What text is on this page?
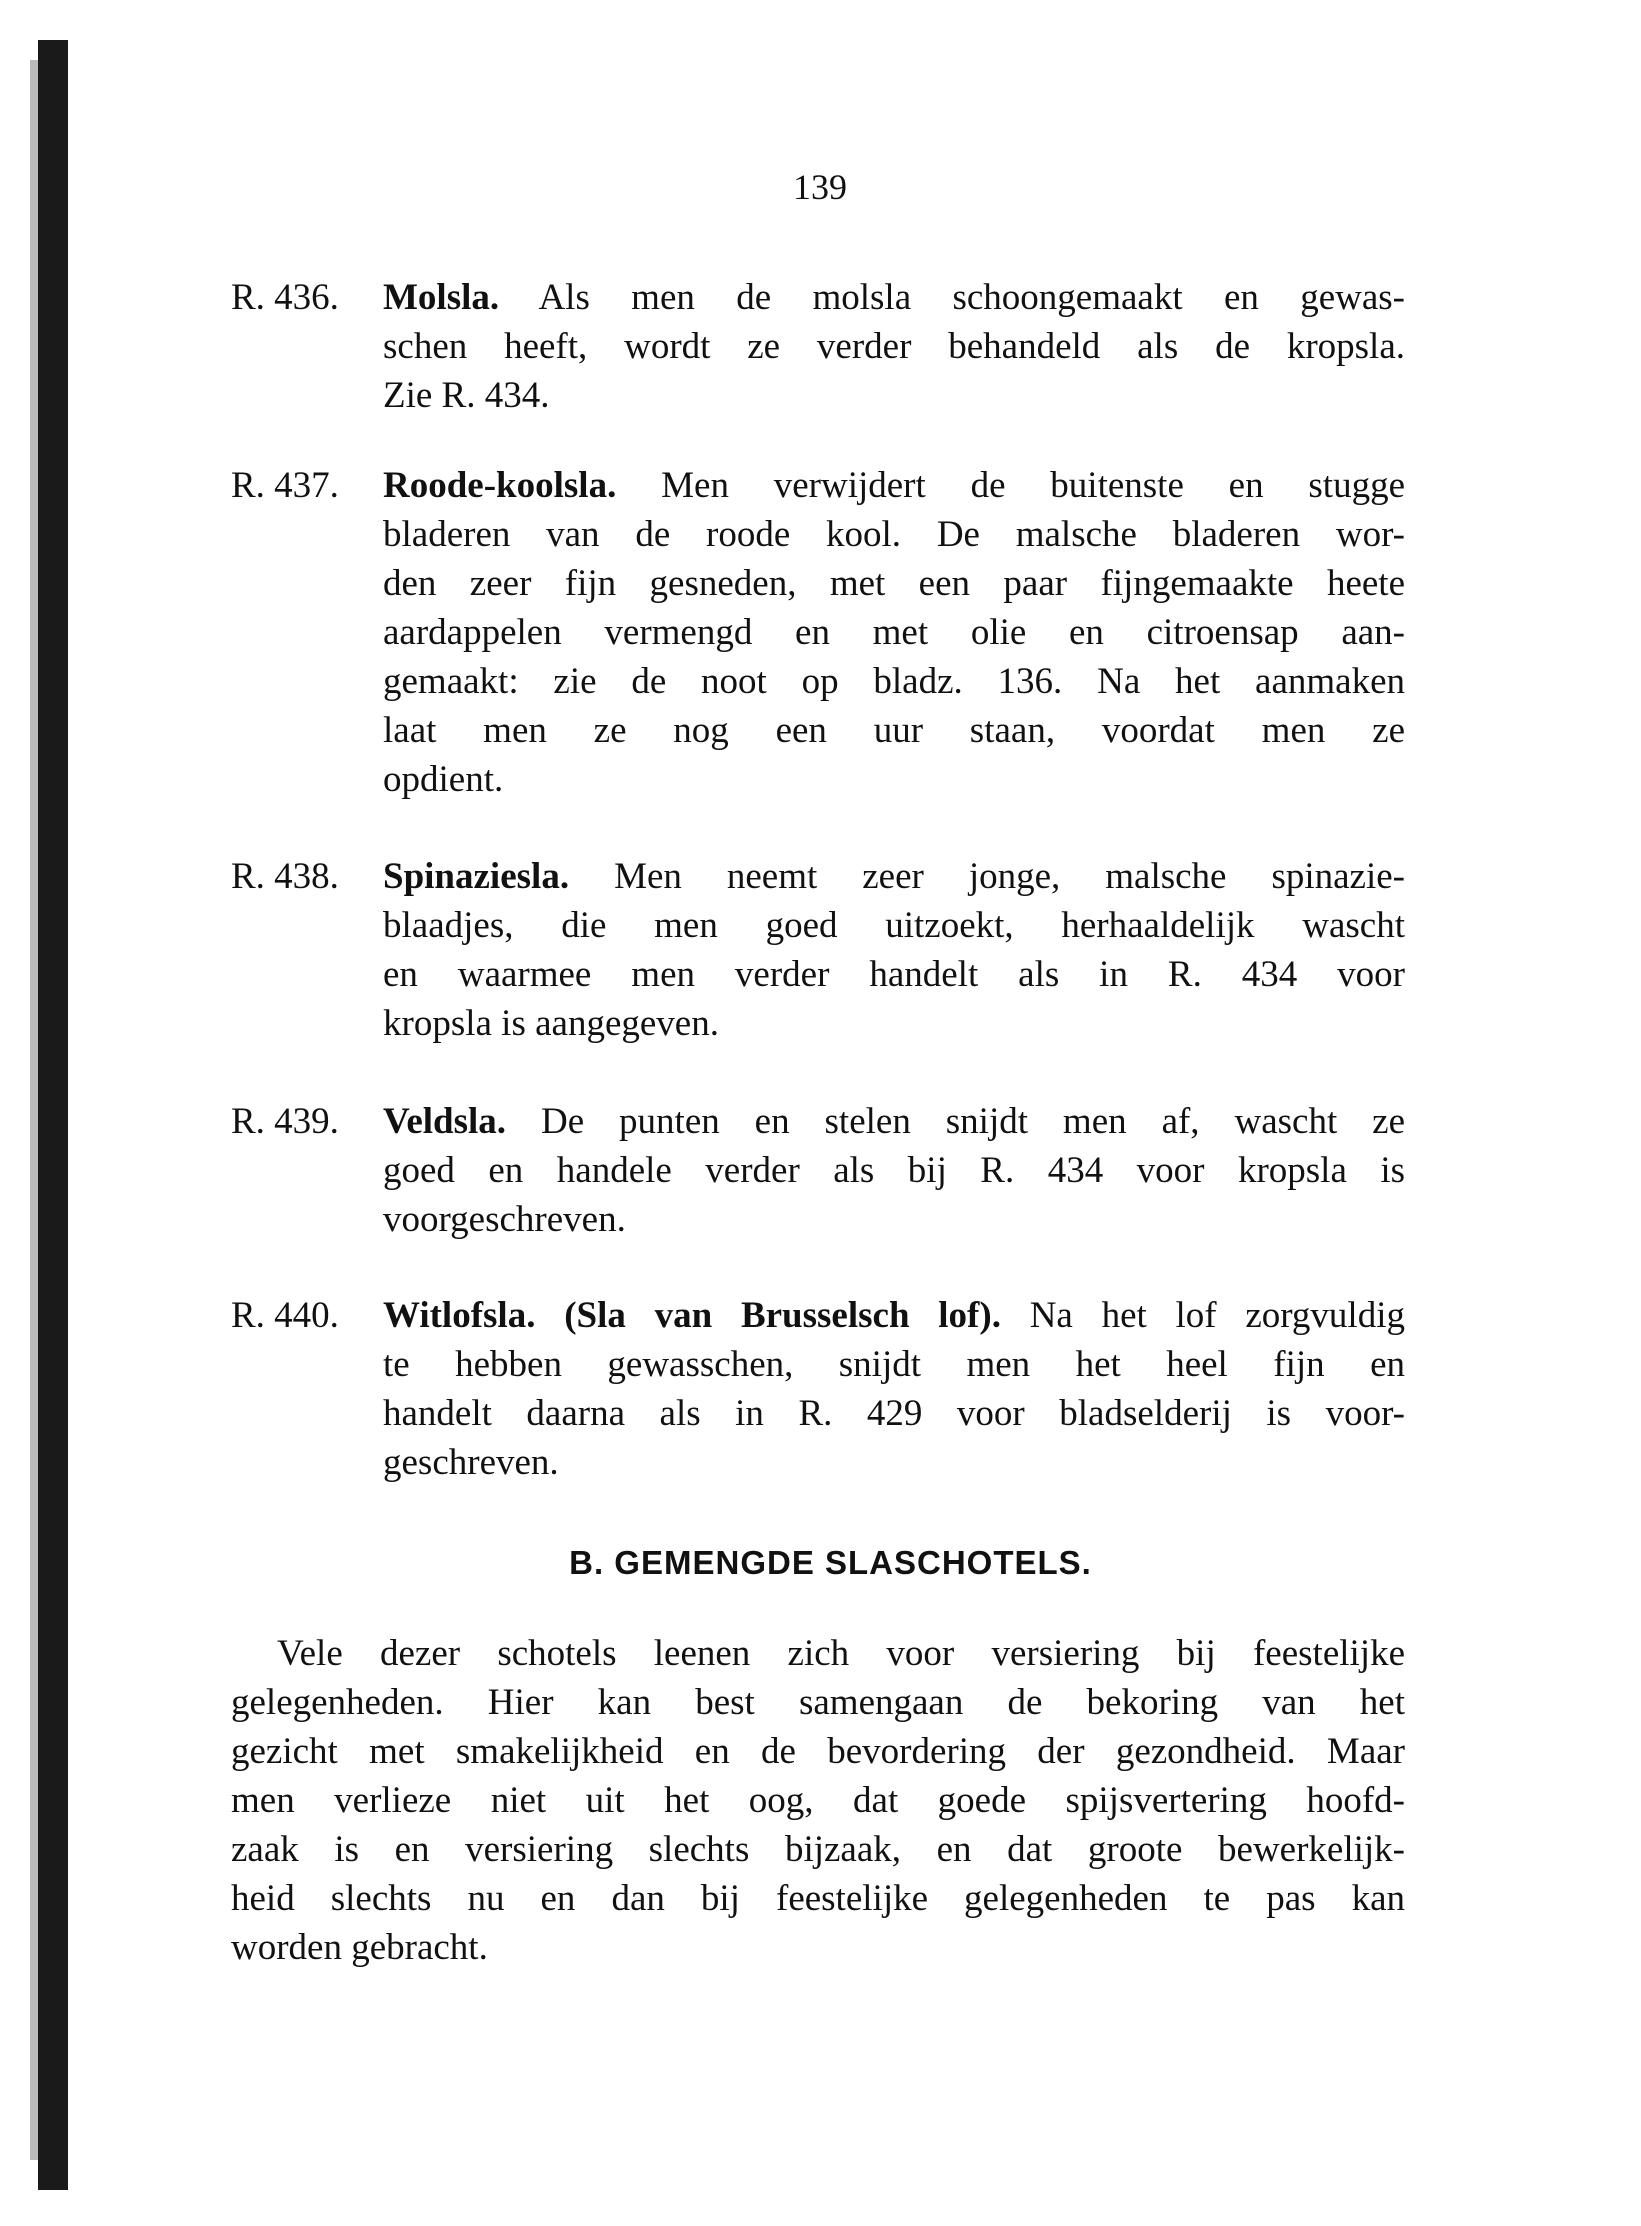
139
R. 436. Molsla. Als men de molsla schoongemaakt en gewas-
schen heeft, wordt ze verder behandeld als de kropsla.
Zie R. 434.
R. 437. Roode-koolsla. Men verwijdert de buitenste en stugge
bladeren van de roode kool. De malsche bladeren wor-
den zeer fijn gesneden, met een paar fijngemaakte heete
aardappelen vermengd en met olie en citroensap aan-
gemaakt: zie de noot op bladz. 136. Na het aanmaken
laat men ze nog een uur staan, voordat men ze
opdient.
R. 438. Spinaziesla. Men neemt zeer jonge, malsche spinazie-
blaadjes, die men goed uitzoekt, herhaaldelijk wascht
en waarmee men verder handelt als in R. 434 voor
kropsla is aangegeven.
R. 439. Veldsla. De punten en stelen snijdt men af, wascht ze
goed en handele verder als bij R. 434 voor kropsla is
voorgeschreven.
R. 440. Witlofsla. (Sla van Brusselsch lof). Na het lof zorgvuldig
te hebben gewasschen, snijdt men het heel fijn en
handelt daarna als in R. 429 voor bladselderij is voor-
geschreven.
B. GEMENGDE SLASCHOTELS.
Vele dezer schotels leenen zich voor versiering bij feestelijke
gelegenheden. Hier kan best samengaan de bekoring van het
gezicht met smakelijkheid en de bevordering der gezondheid. Maar
men verlieze niet uit het oog, dat goede spijsvertering hoofd-
zaak is en versiering slechts bijzaak, en dat groote bewerkelijk-
heid slechts nu en dan bij feestelijke gelegenheden te pas kan
worden gebracht.
